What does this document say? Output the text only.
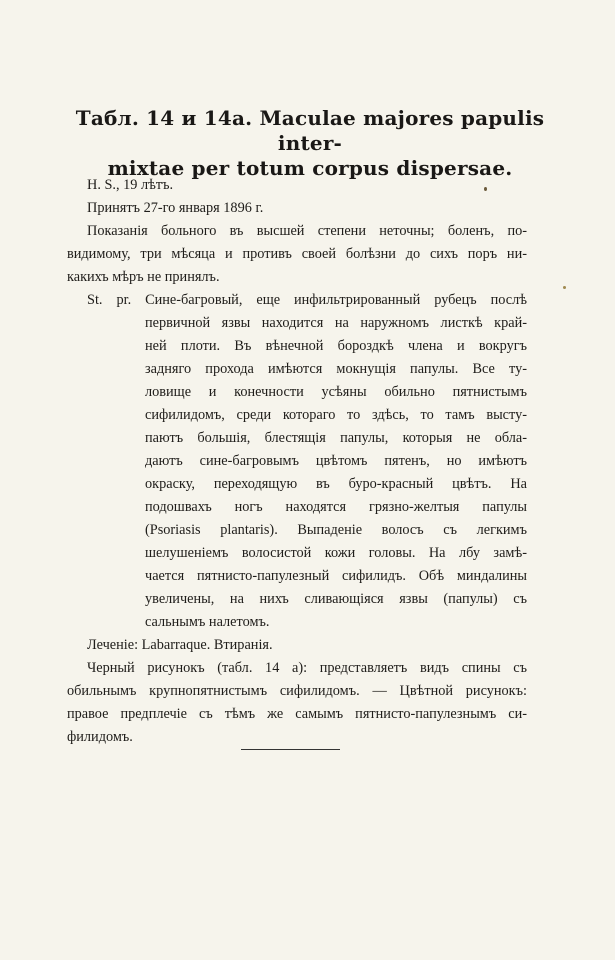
Табл. 14 и 14а. Maculae majores papulis inter-
mixtae per totum corpus dispersae.
Н. S., 19 лѣтъ.
Принятъ 27-го января 1896 г.
Показанія больного въ высшей степени неточны; боленъ, по-
видимому, три мѣсяца и противъ своей болѣзни до сихъ поръ ни-
какихъ мѣръ не принялъ.
St. pr. Сине-багровый, еще инфильтрированный рубецъ послѣ
первичной язвы находится на наружномъ листкѣ край-
ней плоти. Въ вѣнечной бороздкѣ члена и вокругъ
задняго прохода имѣются мокнущія папулы. Все ту-
ловище и конечности усѣяны обильно пятнистымъ
сифилидомъ, среди котораго то здѣсь, то тамъ высту-
паютъ большія, блестящія папулы, которыя не обла-
даютъ сине-багровымъ цвѣтомъ пятенъ, но имѣютъ
окраску, переходящую въ буро-красный цвѣтъ. На
подошвахъ ногъ находятся грязно-желтыя папулы
(Psoriasis plantaris). Выпаденіе волосъ съ легкимъ
шелушеніемъ волосистой кожи головы. На лбу замѣ-
чается пятнисто-папулезный сифилидъ. Обѣ миндалины
увеличены, на нихъ сливающіяся язвы (папулы) съ
сальнымъ налетомъ.
Леченіе: Labarraque. Втиранія.
Черный рисунокъ (табл. 14 а): представляетъ видъ спины съ
обильнымъ крупнопятнистымъ сифилидомъ. — Цвѣтной рисунокъ:
правое предплечіе съ тѣмъ же самымъ пятнисто-папулезнымъ си-
филидомъ.
